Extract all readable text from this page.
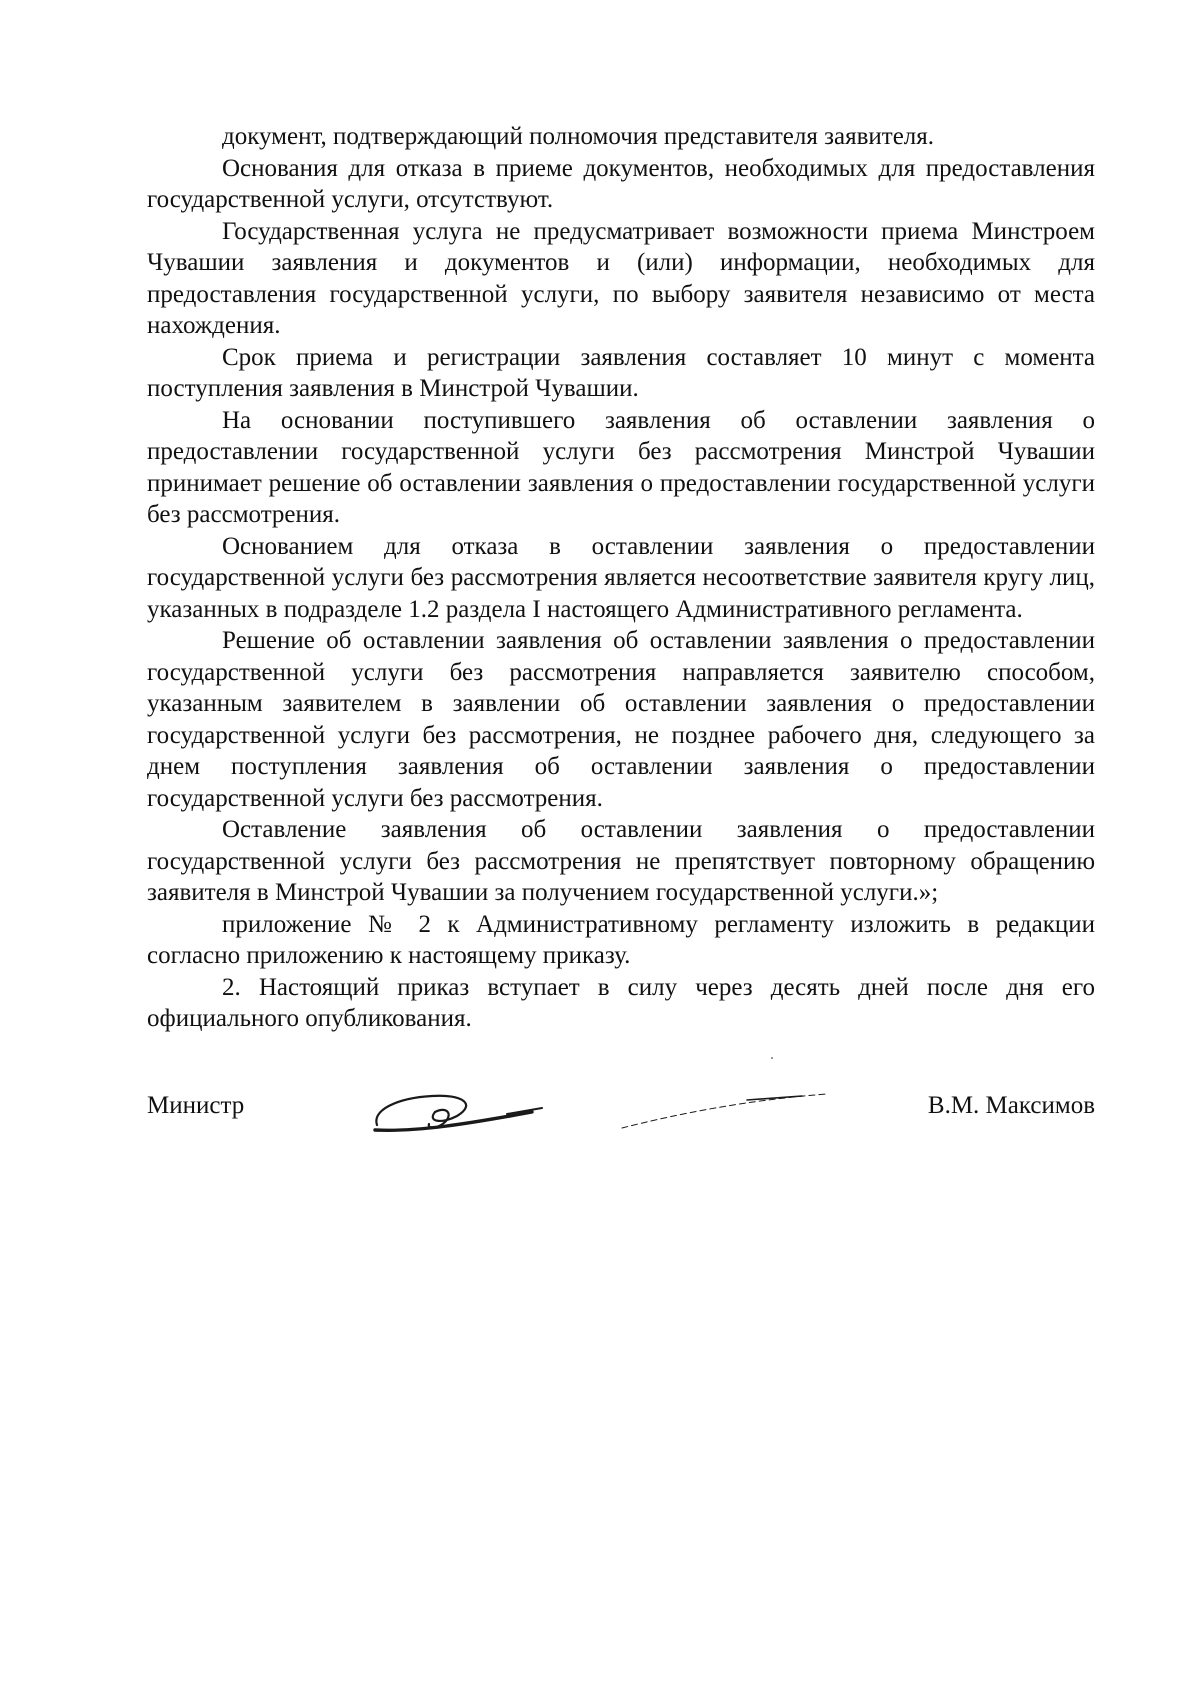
документ, подтверждающий полномочия представителя заявителя.

Основания для отказа в приеме документов, необходимых для предоставления государственной услуги, отсутствуют.

Государственная услуга не предусматривает возможности приема Минстроем Чувашии заявления и документов и (или) информации, необходимых для предоставления государственной услуги, по выбору заявителя независимо от места нахождения.

Срок приема и регистрации заявления составляет 10 минут с момента поступления заявления в Минстрой Чувашии.

На основании поступившего заявления об оставлении заявления о предоставлении государственной услуги без рассмотрения Минстрой Чувашии принимает решение об оставлении заявления о предоставлении государственной услуги без рассмотрения.

Основанием для отказа в оставлении заявления о предоставлении государственной услуги без рассмотрения является несоответствие заявителя кругу лиц, указанных в подразделе 1.2 раздела I настоящего Административного регламента.

Решение об оставлении заявления об оставлении заявления о предоставлении государственной услуги без рассмотрения направляется заявителю способом, указанным заявителем в заявлении об оставлении заявления о предоставлении государственной услуги без рассмотрения, не позднее рабочего дня, следующего за днем поступления заявления об оставлении заявления о предоставлении государственной услуги без рассмотрения.

Оставление заявления об оставлении заявления о предоставлении государственной услуги без рассмотрения не препятствует повторному обращению заявителя в Минстрой Чувашии за получением государственной услуги.»;

приложение № 2 к Административному регламенту изложить в редакции согласно приложению к настоящему приказу.

2. Настоящий приказ вступает в силу через десять дней после дня его официального опубликования.

Министр	В.М. Максимов
